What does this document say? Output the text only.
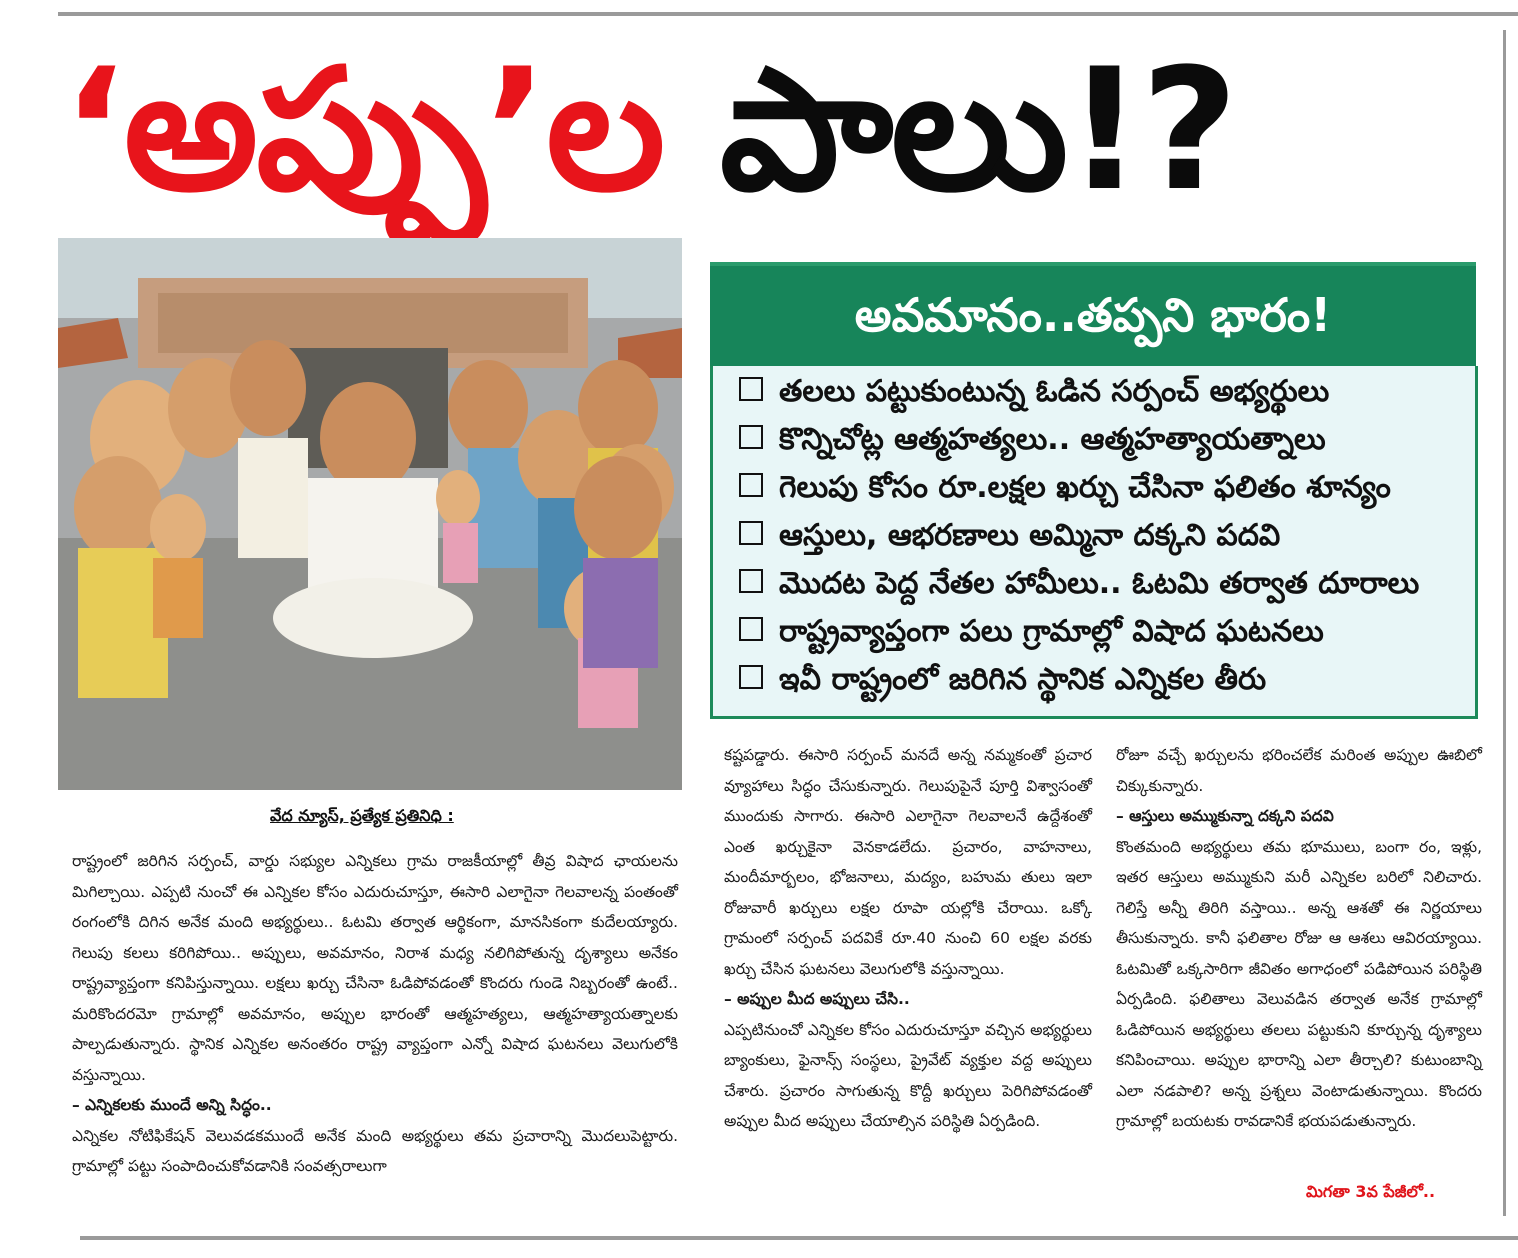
‘అప్పు’ల పాలు!?
అవమానం..తప్పని భారం!
తలలు పట్టుకుంటున్న ఓడిన సర్పంచ్ అభ్యర్థులు
కొన్నిచోట్ల ఆత్మహత్యలు.. ఆత్మహత్యాయత్నాలు
గెలుపు కోసం రూ.లక్షల ఖర్చు చేసినా ఫలితం శూన్యం
ఆస్తులు, ఆభరణాలు అమ్మినా దక్కని పదవి
మొదట పెద్ద నేతల హామీలు.. ఓటమి తర్వాత దూరాలు
రాష్ట్రవ్యాప్తంగా పలు గ్రామాల్లో విషాద ఘటనలు
ఇవీ రాష్ట్రంలో జరిగిన స్థానిక ఎన్నికల తీరు
వేద న్యూస్, ప్రత్యేక ప్రతినిధి :

రాష్ట్రంలో జరిగిన సర్పంచ్, వార్డు సభ్యుల ఎన్నికలు గ్రామ రాజకీయాల్లో తీవ్ర విషాద ఛాయలను మిగిల్చాయి. ఎప్పటి నుంచో ఈ ఎన్నికల కోసం ఎదురుచూస్తూ, ఈసారి ఎలాగైనా గెలవాలన్న పంతంతో రంగంలోకి దిగిన అనేక మంది అభ్యర్థులు.. ఓటమి తర్వాత ఆర్థికంగా, మానసికంగా కుదేలయ్యారు. గెలుపు కలలు కరిగిపోయి.. అప్పులు, అవమానం, నిరాశ మధ్య నలిగిపోతున్న దృశ్యాలు అనేకం రాష్ట్రవ్యాప్తంగా కనిపిస్తున్నాయి. లక్షలు ఖర్చు చేసినా ఓడిపోవడంతో కొందరు గుండె నిబ్బరంతో ఉంటే.. మరికొందరమో గ్రామాల్లో అవమానం, అప్పుల భారంతో ఆత్మహత్యలు, ఆత్మహత్యాయత్నాలకు పాల్పడుతున్నారు. స్థానిక ఎన్నికల అనంతరం రాష్ట్ర వ్యాప్తంగా ఎన్నో విషాద ఘటనలు వెలుగులోకి వస్తున్నాయి.

– ఎన్నికలకు ముందే అన్ని సిద్ధం..

ఎన్నికల నోటిఫికేషన్ వెలువడకముందే అనేక మంది అభ్యర్థులు తమ ప్రచారాన్ని మొదలుపెట్టారు. గ్రామాల్లో పట్టు సంపాదించుకోవడానికి సంవత్సరాలుగా

కష్టపడ్డారు. ఈసారి సర్పంచ్ మనదే అన్న నమ్మకంతో ప్రచార వ్యూహాలు సిద్ధం చేసుకున్నారు. గెలుపుపైనే పూర్తి విశ్వాసంతో ముందుకు సాగారు. ఈసారి ఎలాగైనా గెలవాలనే ఉద్దేశంతో ఎంత ఖర్చుకైనా వెనకాడలేదు. ప్రచారం, వాహనాలు, మందీమార్బలం, భోజనాలు, మద్యం, బహుమ తులు ఇలా రోజువారీ ఖర్చులు లక్షల రూపా యల్లోకి చేరాయి. ఒక్కో గ్రామంలో సర్పంచ్ పదవికే రూ.40 నుంచి 60 లక్షల వరకు ఖర్చు చేసిన ఘటనలు వెలుగులోకి వస్తున్నాయి.

– అప్పుల మీద అప్పులు చేసి..

ఎప్పటినుంచో ఎన్నికల కోసం ఎదురుచూస్తూ వచ్చిన అభ్యర్థులు బ్యాంకులు, ఫైనాన్స్ సంస్థలు, ప్రైవేట్ వ్యక్తుల వద్ద అప్పులు చేశారు. ప్రచారం సాగుతున్న కొద్దీ ఖర్చులు పెరిగిపోవడంతో అప్పుల మీద అప్పులు చేయాల్సిన పరిస్థితి ఏర్పడింది.

రోజూ వచ్చే ఖర్చులను భరించలేక మరింత అప్పుల ఊబిలో చిక్కుకున్నారు.

– ఆస్తులు అమ్ముకున్నా దక్కని పదవి

కొంతమంది అభ్యర్థులు తమ భూములు, బంగా రం, ఇళ్లు, ఇతర ఆస్తులు అమ్ముకుని మరీ ఎన్నికల బరిలో నిలిచారు. గెలిస్తే అన్నీ తిరిగి వస్తాయి.. అన్న ఆశతో ఈ నిర్ణయాలు తీసుకున్నారు. కానీ ఫలితాల రోజు ఆ ఆశలు ఆవిరయ్యాయి. ఓటమితో ఒక్కసారిగా జీవితం అగాధంలో పడిపోయిన పరిస్థితి ఏర్పడింది. ఫలితాలు వెలువడిన తర్వాత అనేక గ్రామాల్లో ఓడిపోయిన అభ్యర్థులు తలలు పట్టుకుని కూర్చున్న దృశ్యాలు కనిపించాయి. అప్పుల భారాన్ని ఎలా తీర్చాలి? కుటుంబాన్ని ఎలా నడపాలి? అన్న ప్రశ్నలు వెంటాడుతున్నాయి. కొందరు గ్రామాల్లో బయటకు రావడానికే భయపడుతున్నారు.

మిగతా 3వ పేజీలో..
